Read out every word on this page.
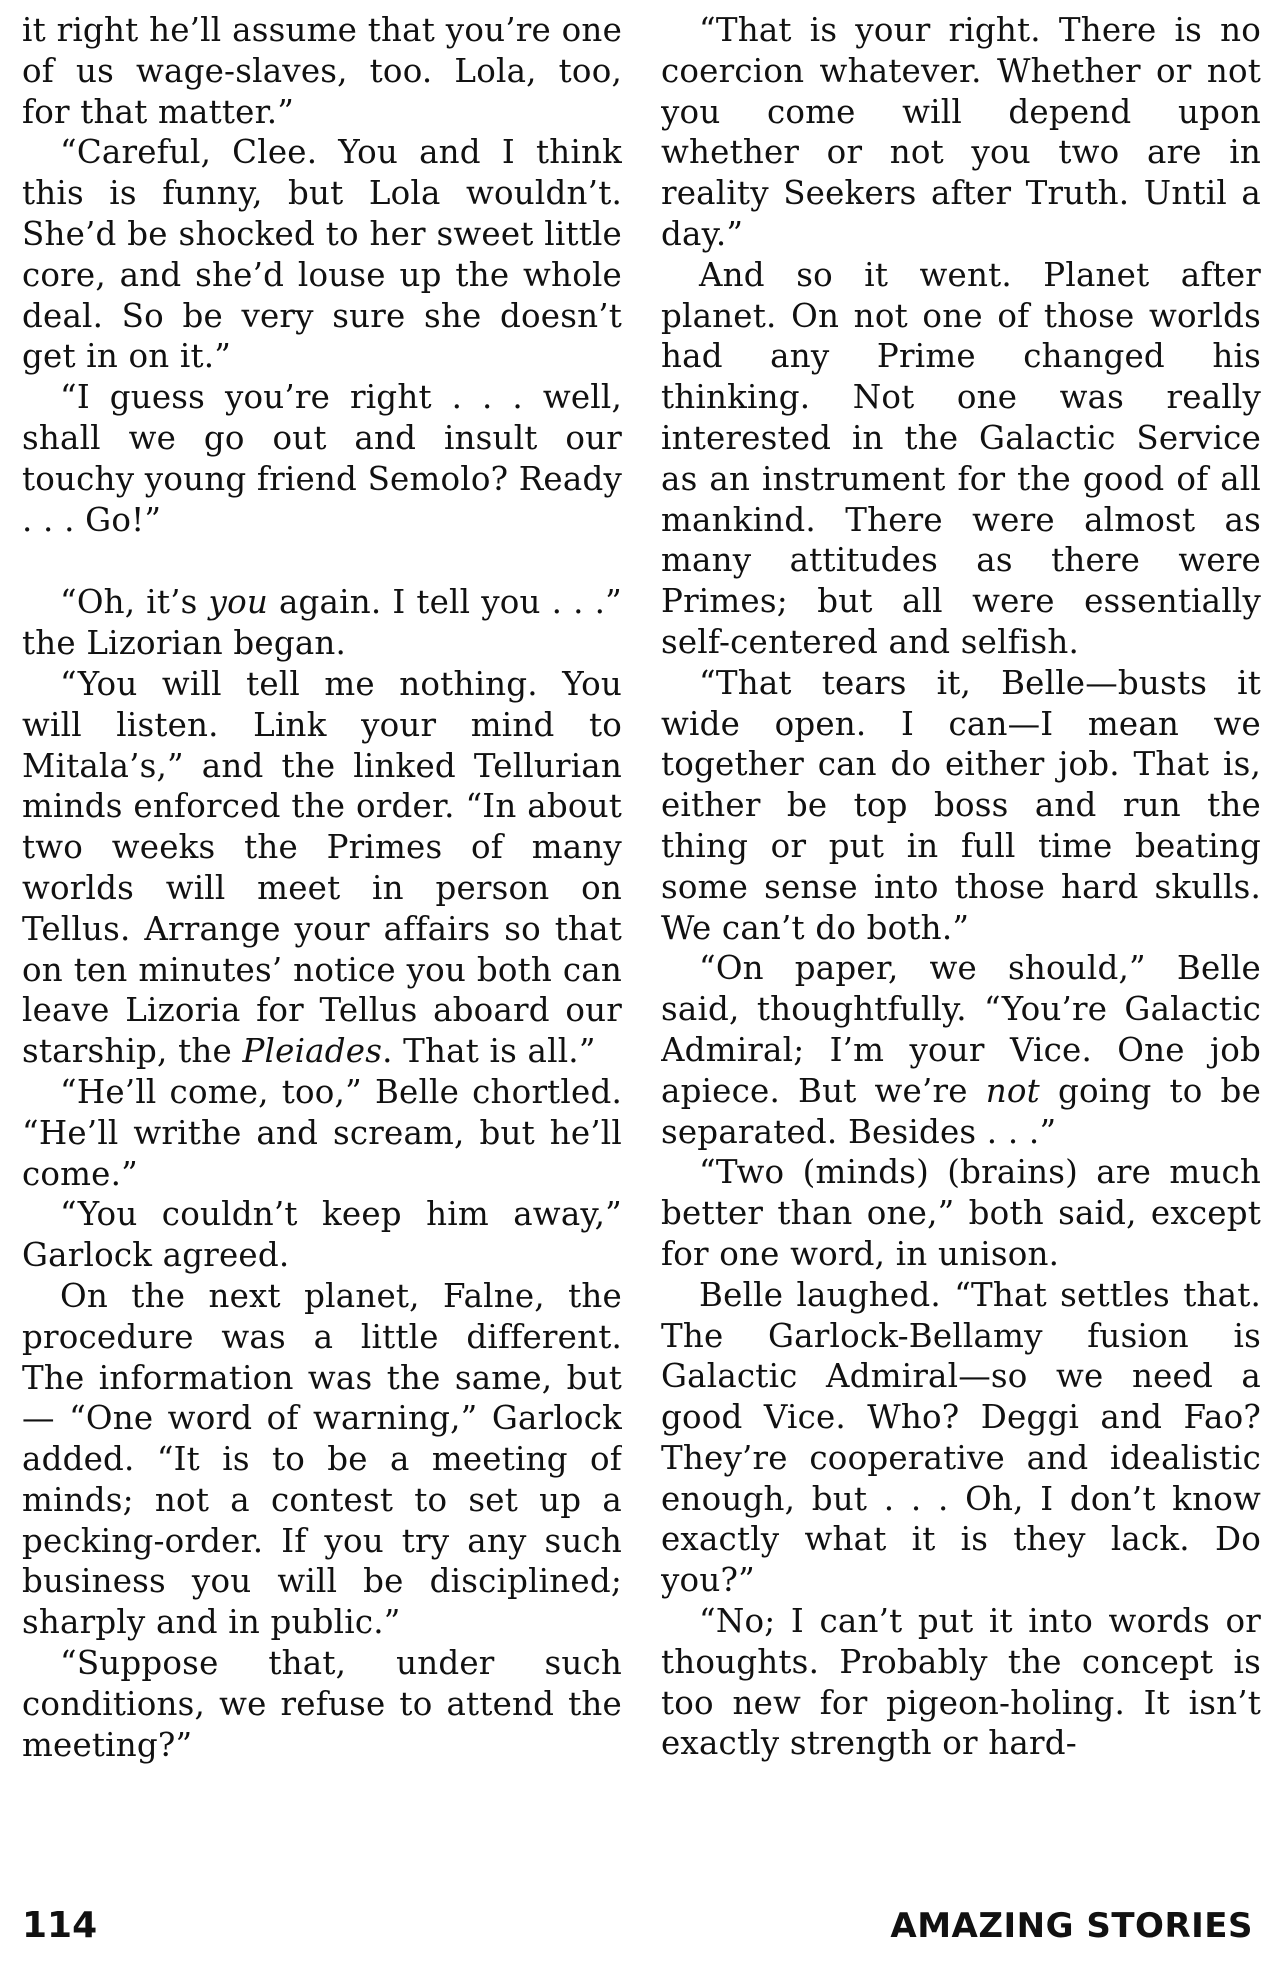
it right he’ll assume that you’re one of us wage-slaves, too. Lola, too, for that matter.”

“Careful, Clee. You and I think this is funny, but Lola wouldn’t. She’d be shocked to her sweet little core, and she’d louse up the whole deal. So be very sure she doesn’t get in on it.”

“I guess you’re right . . . well, shall we go out and insult our touchy young friend Semolo? Ready . . . Go!”

“Oh, it’s you again. I tell you . . .” the Lizorian began.

“You will tell me nothing. You will listen. Link your mind to Mitala’s,” and the linked Tellurian minds enforced the order. “In about two weeks the Primes of many worlds will meet in person on Tellus. Arrange your affairs so that on ten minutes’ notice you both can leave Lizoria for Tellus aboard our starship, the Pleiades. That is all.”

“He’ll come, too,” Belle chortled. “He’ll writhe and scream, but he’ll come.”

“You couldn’t keep him away,” Garlock agreed.

On the next planet, Falne, the procedure was a little different. The information was the same, but— “One word of warning,” Garlock added. “It is to be a meeting of minds; not a contest to set up a pecking-order. If you try any such business you will be disciplined; sharply and in public.”

“Suppose that, under such conditions, we refuse to attend the meeting?”

“That is your right. There is no coercion whatever. Whether or not you come will depend upon whether or not you two are in reality Seekers after Truth. Until a day.”

And so it went. Planet after planet. On not one of those worlds had any Prime changed his thinking. Not one was really interested in the Galactic Service as an instrument for the good of all mankind. There were almost as many attitudes as there were Primes; but all were essentially self-centered and selfish.

“That tears it, Belle—busts it wide open. I can—I mean we together can do either job. That is, either be top boss and run the thing or put in full time beating some sense into those hard skulls. We can’t do both.”

“On paper, we should,” Belle said, thoughtfully. “You’re Galactic Admiral; I’m your Vice. One job apiece. But we’re not going to be separated. Besides . . .”

“Two (minds) (brains) are much better than one,” both said, except for one word, in unison.

Belle laughed. “That settles that. The Garlock-Bellamy fusion is Galactic Admiral—so we need a good Vice. Who? Deggi and Fao? They’re cooperative and idealistic enough, but . . . Oh, I don’t know exactly what it is they lack. Do you?”

“No; I can’t put it into words or thoughts. Probably the concept is too new for pigeon-holing. It isn’t exactly strength or hard-

114	AMAZING STORIES
